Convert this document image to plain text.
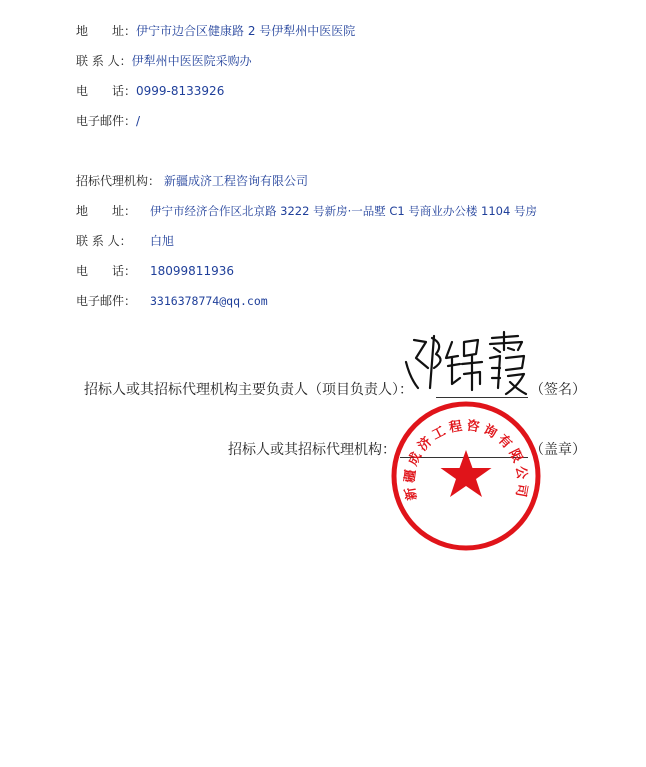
地　　址：伊宁市边合区健康路 2 号伊犁州中医医院
联 系 人：伊犁州中医医院采购办
电　　话：0999-8133926
电子邮件：/
招标代理机构： 新疆成济工程咨询有限公司
地　　址： 伊宁市经济合作区北京路 3222 号新房·一品墅 C1 号商业办公楼 1104 号房
联 系 人： 白旭
电　　话： 18099811936
电子邮件： 3316378774@qq.com
招标人或其招标代理机构主要负责人（项目负责人）：	（签名）
招标人或其招标代理机构：	（盖章）
新疆成济工程咨询有限公司
